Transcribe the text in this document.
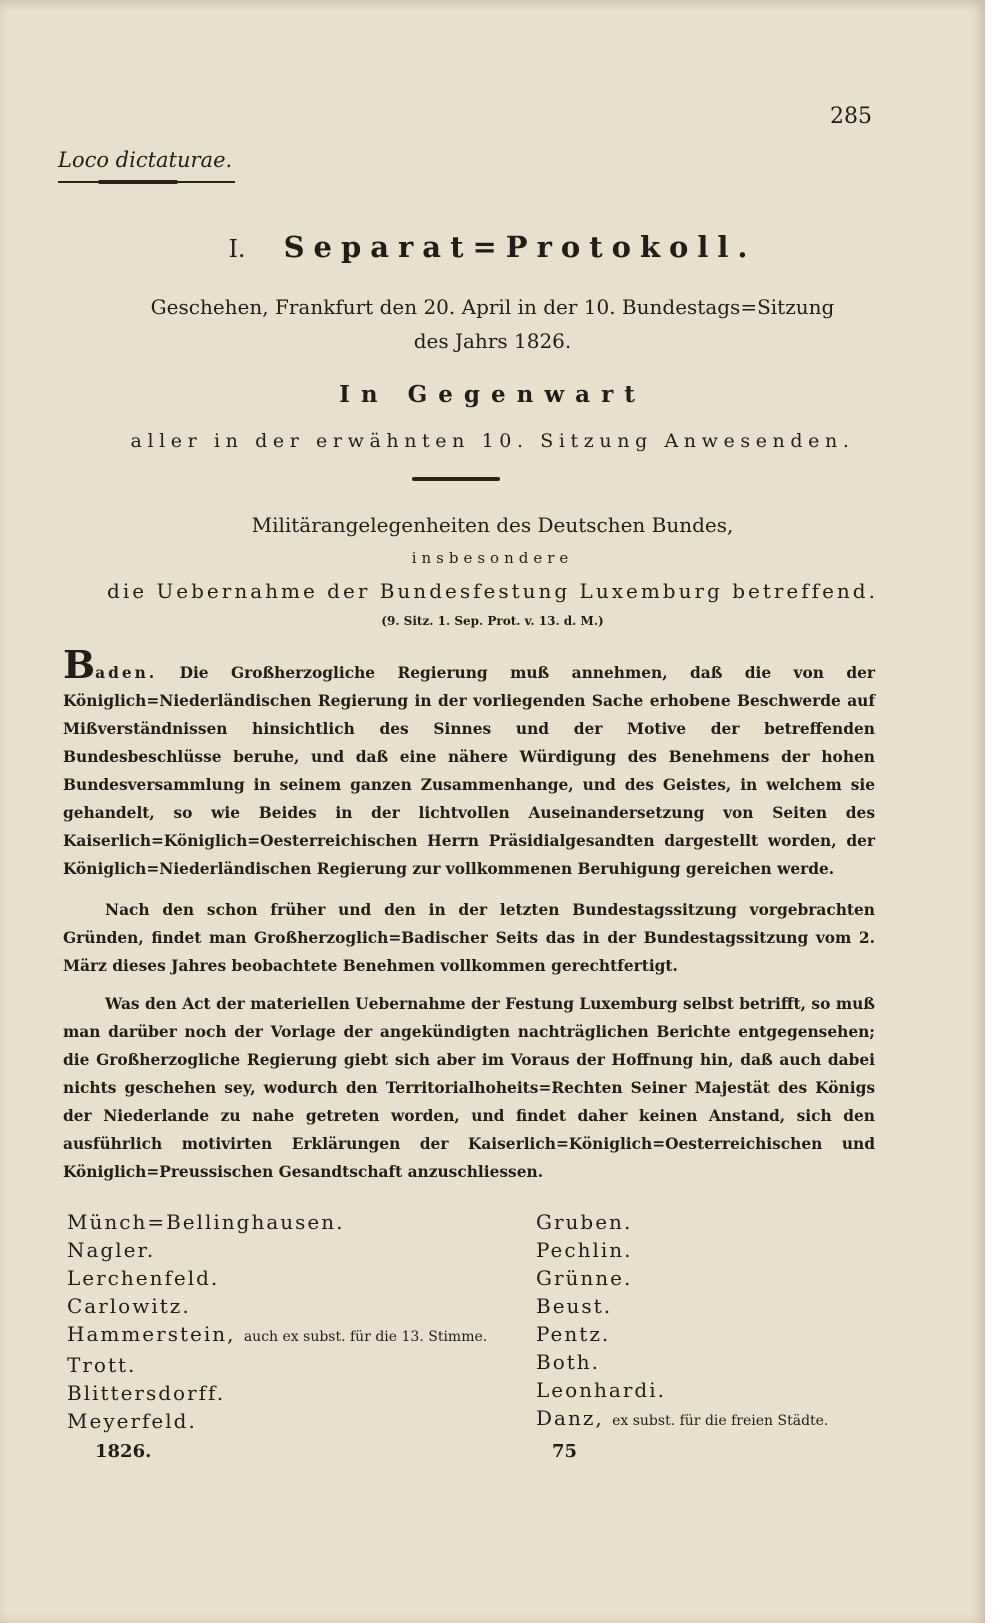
285
Loco dictaturae.
I. Separat=Protokoll.
Geschehen, Frankfurt den 20. April in der 10. Bundestags=Sitzung
des Jahrs 1826.
In Gegenwart
aller in der erwähnten 10. Sitzung Anwesenden.
Militärangelegenheiten des Deutschen Bundes,
insbesondere
die Uebernahme der Bundesfestung Luxemburg betreffend.
(9. Sitz. 1. Sep. Prot. v. 13. d. M.)
Baden. Die Großherzogliche Regierung muß annehmen, daß die von der Königlich=Niederländischen Regierung in der vorliegenden Sache erhobene Beschwerde auf Mißverständnissen hinsichtlich des Sinnes und der Motive der betreffenden Bundesbeschlüsse beruhe, und daß eine nähere Würdigung des Benehmens der hohen Bundesversammlung in seinem ganzen Zusammenhange, und des Geistes, in welchem sie gehandelt, so wie Beides in der lichtvollen Auseinandersetzung von Seiten des Kaiserlich=Königlich=Oesterreichischen Herrn Präsidialgesandten dargestellt worden, der Königlich=Niederländischen Regierung zur vollkommenen Beruhigung gereichen werde.
Nach den schon früher und den in der letzten Bundestagssitzung vorgebrachten Gründen, findet man Großherzoglich=Badischer Seits das in der Bundestagssitzung vom 2. März dieses Jahres beobachtete Benehmen vollkommen gerechtfertigt.
Was den Act der materiellen Uebernahme der Festung Luxemburg selbst betrifft, so muß man darüber noch der Vorlage der angekündigten nachträglichen Berichte entgegensehen; die Großherzogliche Regierung giebt sich aber im Voraus der Hoffnung hin, daß auch dabei nichts geschehen sey, wodurch den Territorialhoheits=Rechten Seiner Majestät des Königs der Niederlande zu nahe getreten worden, und findet daher keinen Anstand, sich den ausführlich motivirten Erklärungen der Kaiserlich=Königlich=Oesterreichischen und Königlich=Preussischen Gesandtschaft anzuschliessen.
Münch=Bellinghausen.
Nagler.
Lerchenfeld.
Carlowitz.
Hammerstein, auch ex subst. für die 13. Stimme.
Trott.
Blittersdorff.
Meyerfeld.
Gruben.
Pechlin.
Grünne.
Beust.
Pentz.
Both.
Leonhardi.
Danz, ex subst. für die freien Städte.
1826.	75
